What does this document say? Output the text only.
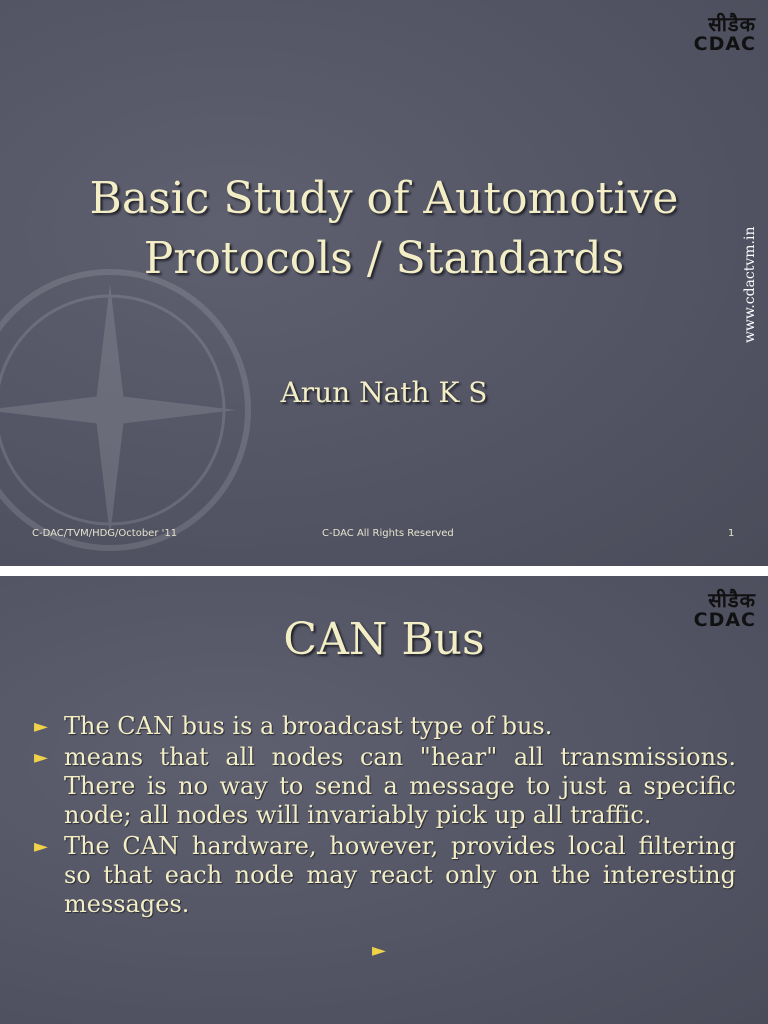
सीडैक
CDAC
Basic Study of Automotive
Protocols / Standards
Arun Nath K S
www.cdactvm.in
C-DAC/TVM/HDG/October '11	C-DAC All Rights Reserved	1
सीडैक
CDAC
CAN Bus
► The CAN bus is a broadcast type of bus.
► means that all nodes can "hear" all transmissions. There is no way to send a message to just a specific node; all nodes will invariably pick up all traffic.
► The CAN hardware, however, provides local filtering so that each node may react only on the interesting messages.
►
